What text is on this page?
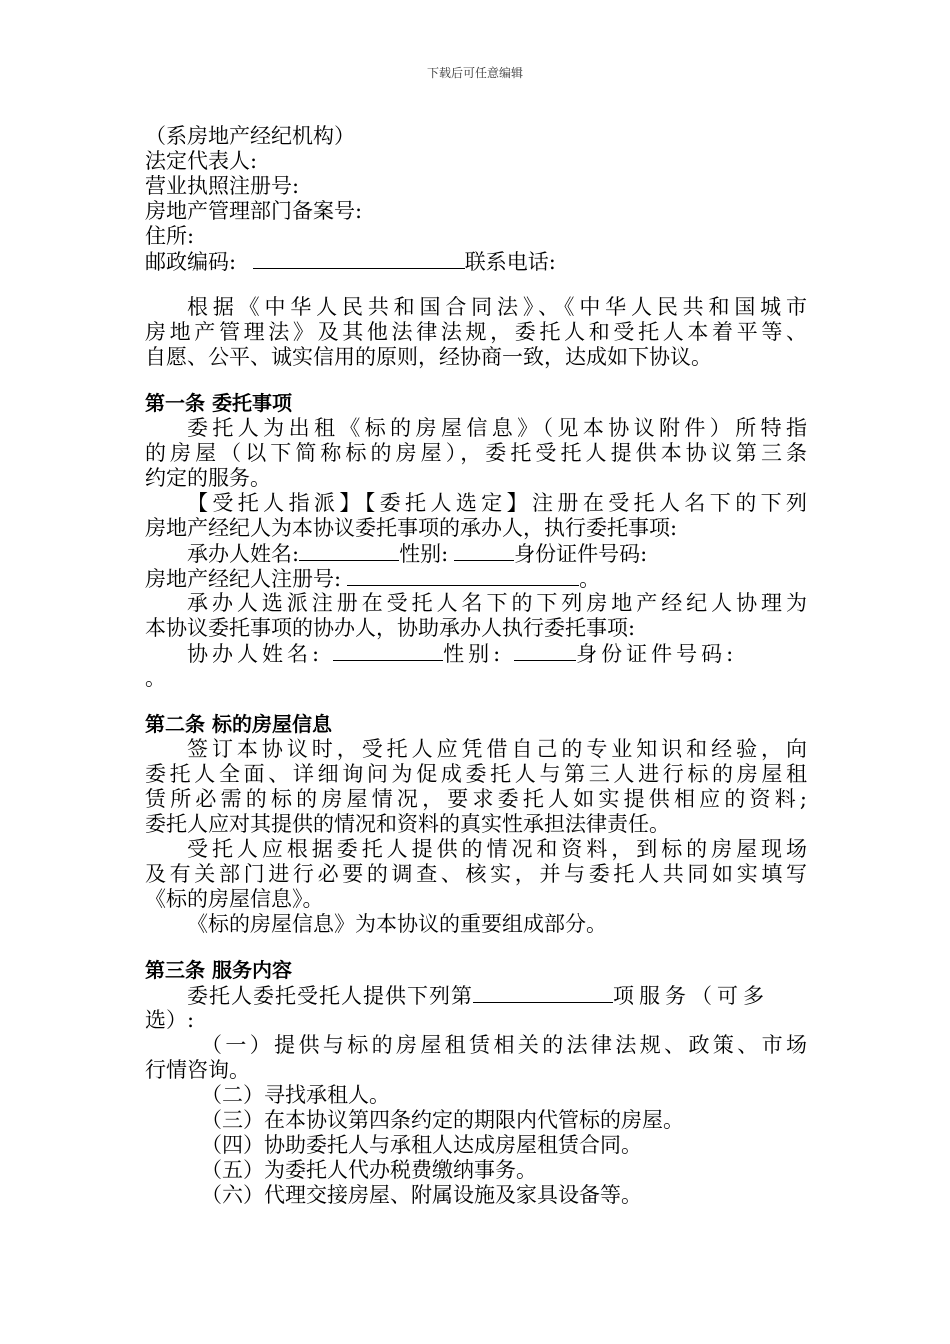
下载后可任意编辑
（系房地产经纪机构）
法定代表人:
营业执照注册号:
房地产管理部门备案号:
住所:
邮政编码:	联系电话:
根据《中华人民共和国合同法》、《中华人民共和国城市
房地产管理法》及其他法律法规，委托人和受托人本着平等、
自愿、公平、诚实信用的原则，经协商一致，达成如下协议。
第一条 委托事项
委托人为出租《标的房屋信息》（见本协议附件）所特指
的房屋（以下简称标的房屋），委托受托人提供本协议第三条
约定的服务。
【受托人指派】【委托人选定】注册在受托人名下的下列
房地产经纪人为本协议委托事项的承办人，执行委托事项:
承办人姓名:	性别:	身份证件号码:
房地产经纪人注册号:	。
承办人选派注册在受托人名下的下列房地产经纪人协理为
本协议委托事项的协办人，协助承办人执行委托事项:
协办人姓名:	性别:	身份证件号码:
。
第二条 标的房屋信息
签订本协议时，受托人应凭借自己的专业知识和经验，向
委托人全面、详细询问为促成委托人与第三人进行标的房屋租
赁所必需的标的房屋情况，要求委托人如实提供相应的资料;
委托人应对其提供的情况和资料的真实性承担法律责任。
受托人应根据委托人提供的情况和资料，到标的房屋现场
及有关部门进行必要的调查、核实，并与委托人共同如实填写
《标的房屋信息》。
《标的房屋信息》为本协议的重要组成部分。
第三条 服务内容
委托人委托受托人提供下列第	项服务（可多
选）:
（一）提供与标的房屋租赁相关的法律法规、政策、市场
行情咨询。
（二）寻找承租人。
（三）在本协议第四条约定的期限内代管标的房屋。
（四）协助委托人与承租人达成房屋租赁合同。
（五）为委托人代办税费缴纳事务。
（六）代理交接房屋、附属设施及家具设备等。
